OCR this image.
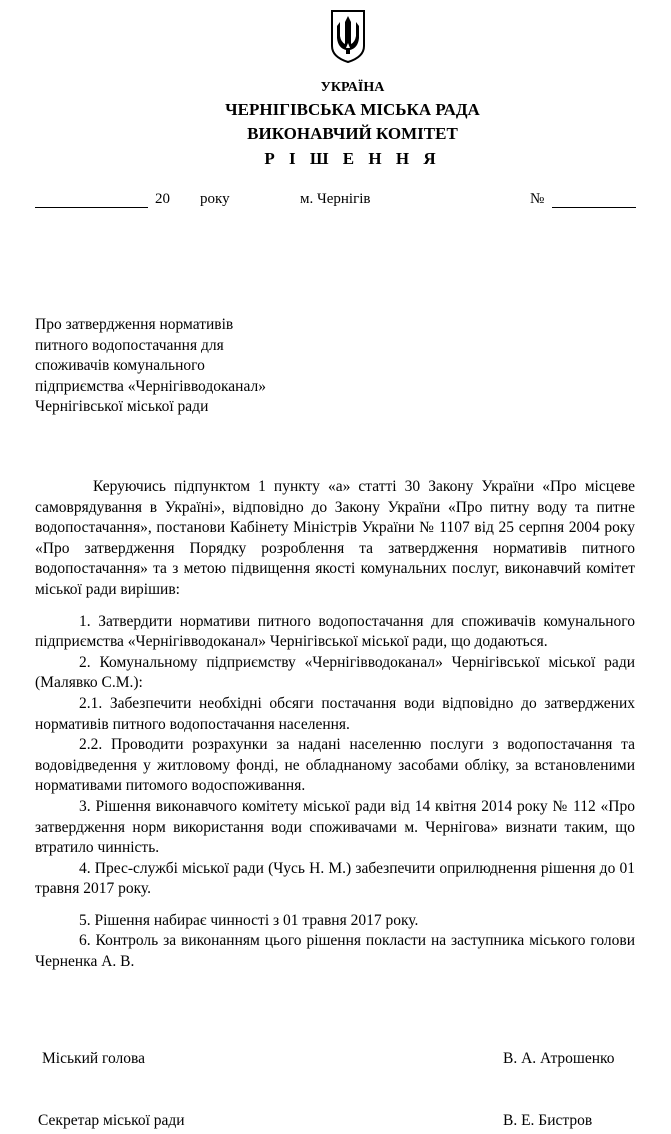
УКРАЇНА
ЧЕРНІГІВСЬКА МІСЬКА РАДА
ВИКОНАВЧИЙ КОМІТЕТ
Р І Ш Е Н Н Я
20 року	м. Чернігів	№
Про затвердження нормативів
питного водопостачання для
споживачів комунального
підприємства «Чернігівводоканал»
Чернігівської міської ради

Керуючись підпунктом 1 пункту «а» статті 30 Закону України «Про місцеве самоврядування в Україні», відповідно до Закону України «Про питну воду та питне водопостачання», постанови Кабінету Міністрів України № 1107 від 25 серпня 2004 року «Про затвердження Порядку розроблення та затвердження нормативів питного водопостачання» та з метою підвищення якості комунальних послуг, виконавчий комітет міської ради вирішив:

1. Затвердити нормативи питного водопостачання для споживачів комунального підприємства «Чернігівводоканал» Чернігівської міської ради, що додаються.

2. Комунальному підприємству «Чернігівводоканал» Чернігівської міської ради (Малявко С.М.):

2.1. Забезпечити необхідні обсяги постачання води відповідно до затверджених нормативів питного водопостачання населення.

2.2. Проводити розрахунки за надані населенню послуги з водопостачання та водовідведення у житловому фонді, не обладнаному засобами обліку, за встановленими нормативами питомого водоспоживання.

3. Рішення виконавчого комітету міської ради від 14 квітня 2014 року № 112 «Про затвердження норм використання води споживачами м. Чернігова» визнати таким, що втратило чинність.

4. Прес-службі міської ради (Чусь Н. М.) забезпечити оприлюднення рішення до 01 травня 2017 року.

5. Рішення набирає чинності з 01 травня 2017 року.

6. Контроль за виконанням цього рішення покласти на заступника міського голови Черненка А. В.

Міський голова	В. А. Атрошенко
Секретар міської ради	В. Е. Бистров
